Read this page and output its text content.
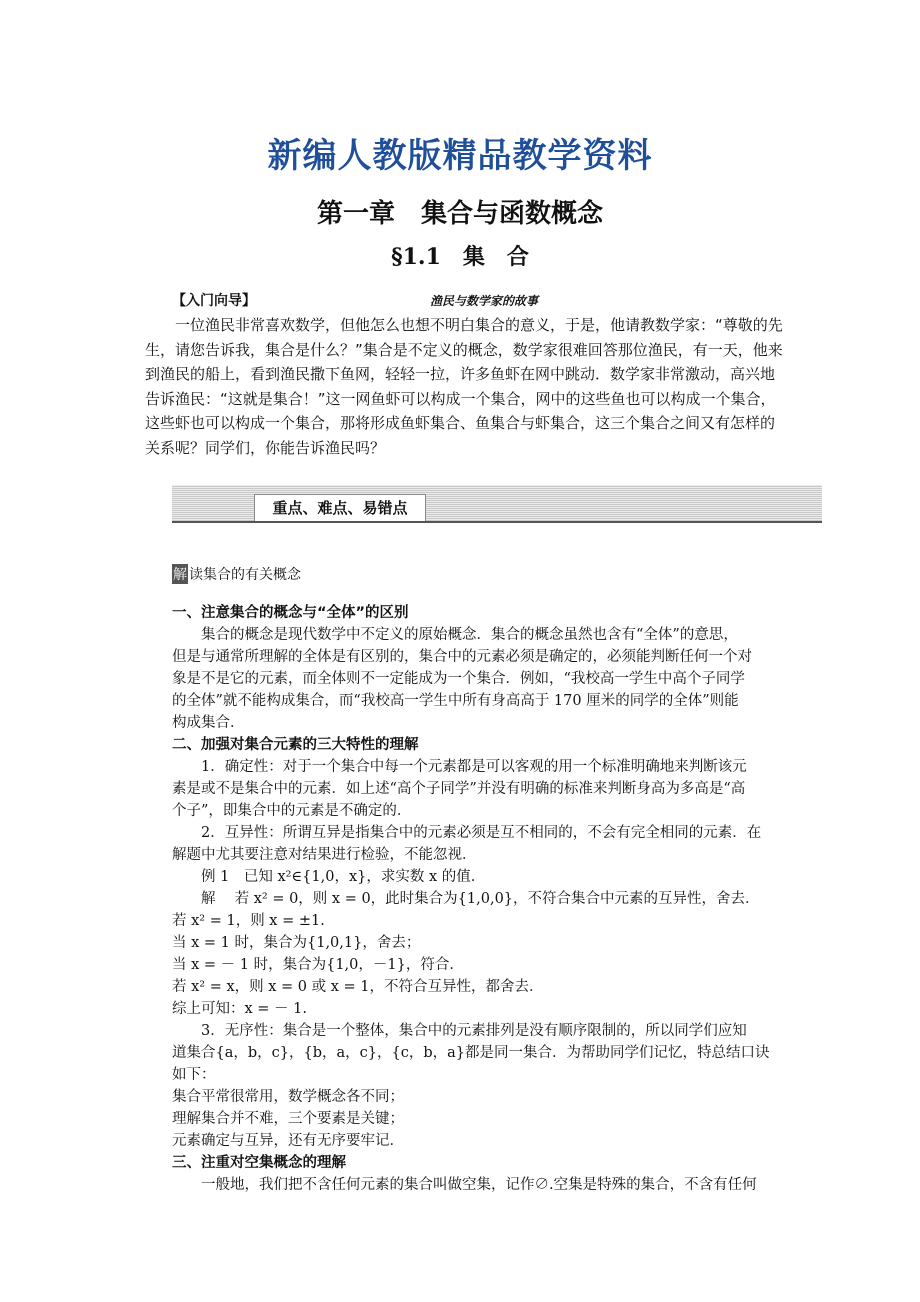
新编人教版精品教学资料
第一章　集合与函数概念
§1.1　集　合
【入门向导】	渔民与数学家的故事

一位渔民非常喜欢数学，但他怎么也想不明白集合的意义，于是，他请教数学家：“尊敬的先生，请您告诉我，集合是什么？”集合是不定义的概念，数学家很难回答那位渔民，有一天，他来到渔民的船上，看到渔民撒下鱼网，轻轻一拉，许多鱼虾在网中跳动．数学家非常激动，高兴地告诉渔民：“这就是集合！”这一网鱼虾可以构成一个集合，网中的这些鱼也可以构成一个集合，这些虾也可以构成一个集合，那将形成鱼虾集合、鱼集合与虾集合，这三个集合之间又有怎样的关系呢？同学们，你能告诉渔民吗？

重点、难点、易错点
解 读集合的有关概念

一、注意集合的概念与“全体”的区别

　　集合的概念是现代数学中不定义的原始概念．集合的概念虽然也含有“全体”的意思，

但是与通常所理解的全体是有区别的，集合中的元素必须是确定的，必须能判断任何一个对

象是不是它的元素，而全体则不一定能成为一个集合．例如，“我校高一学生中高个子同学

的全体”就不能构成集合，而“我校高一学生中所有身高高于 170 厘米的同学的全体”则能

构成集合．

二、加强对集合元素的三大特性的理解

　　1．确定性：对于一个集合中每一个元素都是可以客观的用一个标准明确地来判断该元

素是或不是集合中的元素．如上述“高个子同学”并没有明确的标准来判断身高为多高是“高

个子”，即集合中的元素是不确定的．

　　2．互异性：所谓互异是指集合中的元素必须是互不相同的，不会有完全相同的元素．在

解题中尤其要注意对结果进行检验，不能忽视．

　　例 1　已知 x²∈{1,0，x}，求实数 x 的值．

　　解　 若 x² = 0，则 x = 0，此时集合为{1,0,0}，不符合集合中元素的互异性，舍去．

若 x² = 1，则 x = ±1.

当 x = 1 时，集合为{1,0,1}，舍去；

当 x = － 1 时，集合为{1,0，－1}，符合．

若 x² = x，则 x = 0 或 x = 1，不符合互异性，都舍去．

综上可知：x = － 1.

　　3．无序性：集合是一个整体，集合中的元素排列是没有顺序限制的，所以同学们应知

道集合{a，b，c}，{b，a，c}，{c，b，a}都是同一集合．为帮助同学们记忆，特总结口诀

如下：

集合平常很常用，数学概念各不同；

理解集合并不难，三个要素是关键；

元素确定与互异，还有无序要牢记．

三、注重对空集概念的理解

　　一般地，我们把不含任何元素的集合叫做空集，记作∅.空集是特殊的集合，不含有任何
